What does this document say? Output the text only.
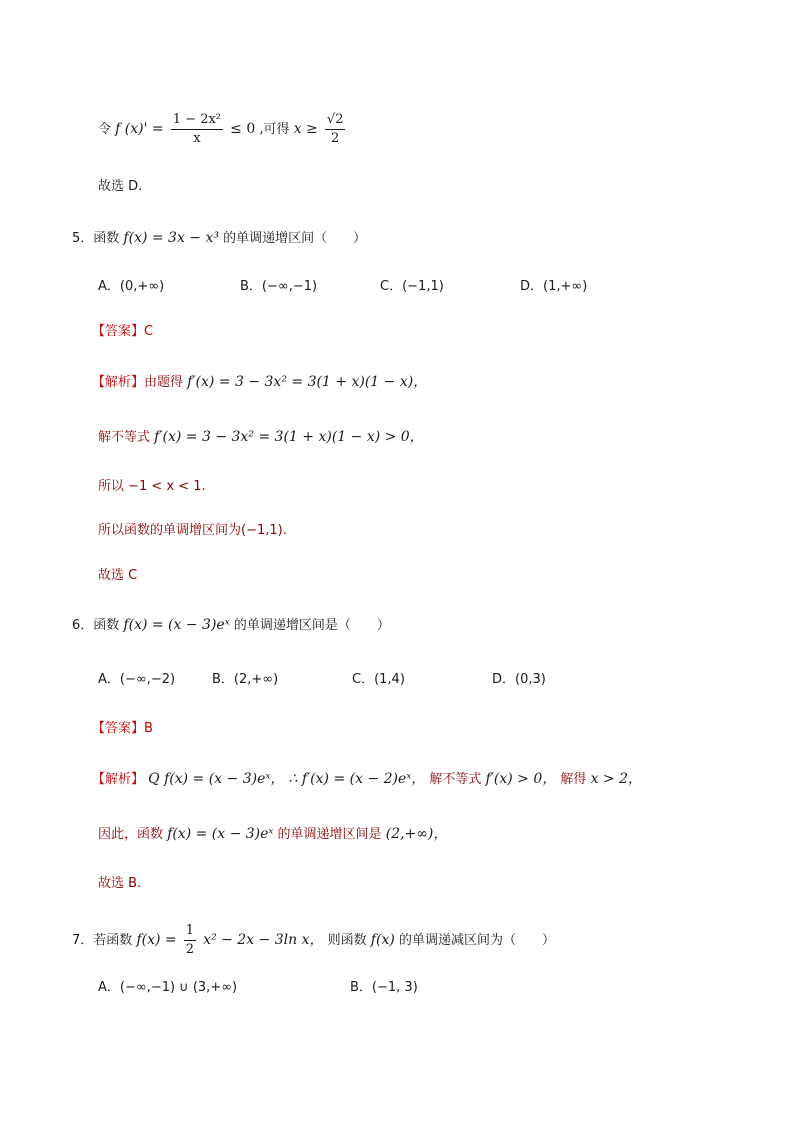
令 f $(x)' = \frac{\text{1 − 2x²}}{x} \le 0$ ,可得 $x \ge \frac{√2}{2}$
故选 D.
5．函数 f(x) = 3x − x³ 的单调递增区间（　　）
A．(0,+∞)	B．(−∞,−1)	C．(−1,1)	D．(1,+∞)
【答案】C
【解析】由题得 f′(x) = 3 − 3x² = 3(1 + x)(1 − x)，
解不等式 f′(x) = 3 − 3x² = 3(1 + x)(1 − x) > 0，
所以 −1 < x < 1.
所以函数的单调增区间为(−1,1).
故选 C
6．函数 f(x) = (x − 3)eˣ 的单调递增区间是（　　）
A．(−∞,−2)	B．(2,+∞)	C．(1,4)	D．(0,3)
【答案】B
【解析】 Q f(x) = (x − 3)eˣ， ∴ f′(x) = (x − 2)eˣ， 解不等式 f′(x) > 0， 解得 x > 2，
因此，函数 f(x) = (x − 3)eˣ 的单调递增区间是 (2,+∞)，
故选 B.
7．若函数 $f(x) = \frac{1}{2} x^2 - 2x - 3\ln$ x， 则函数 f(x) 的单调递减区间为（　　）
A．(−∞,−1) ∪ (3,+∞)	B．(−1, 3)
